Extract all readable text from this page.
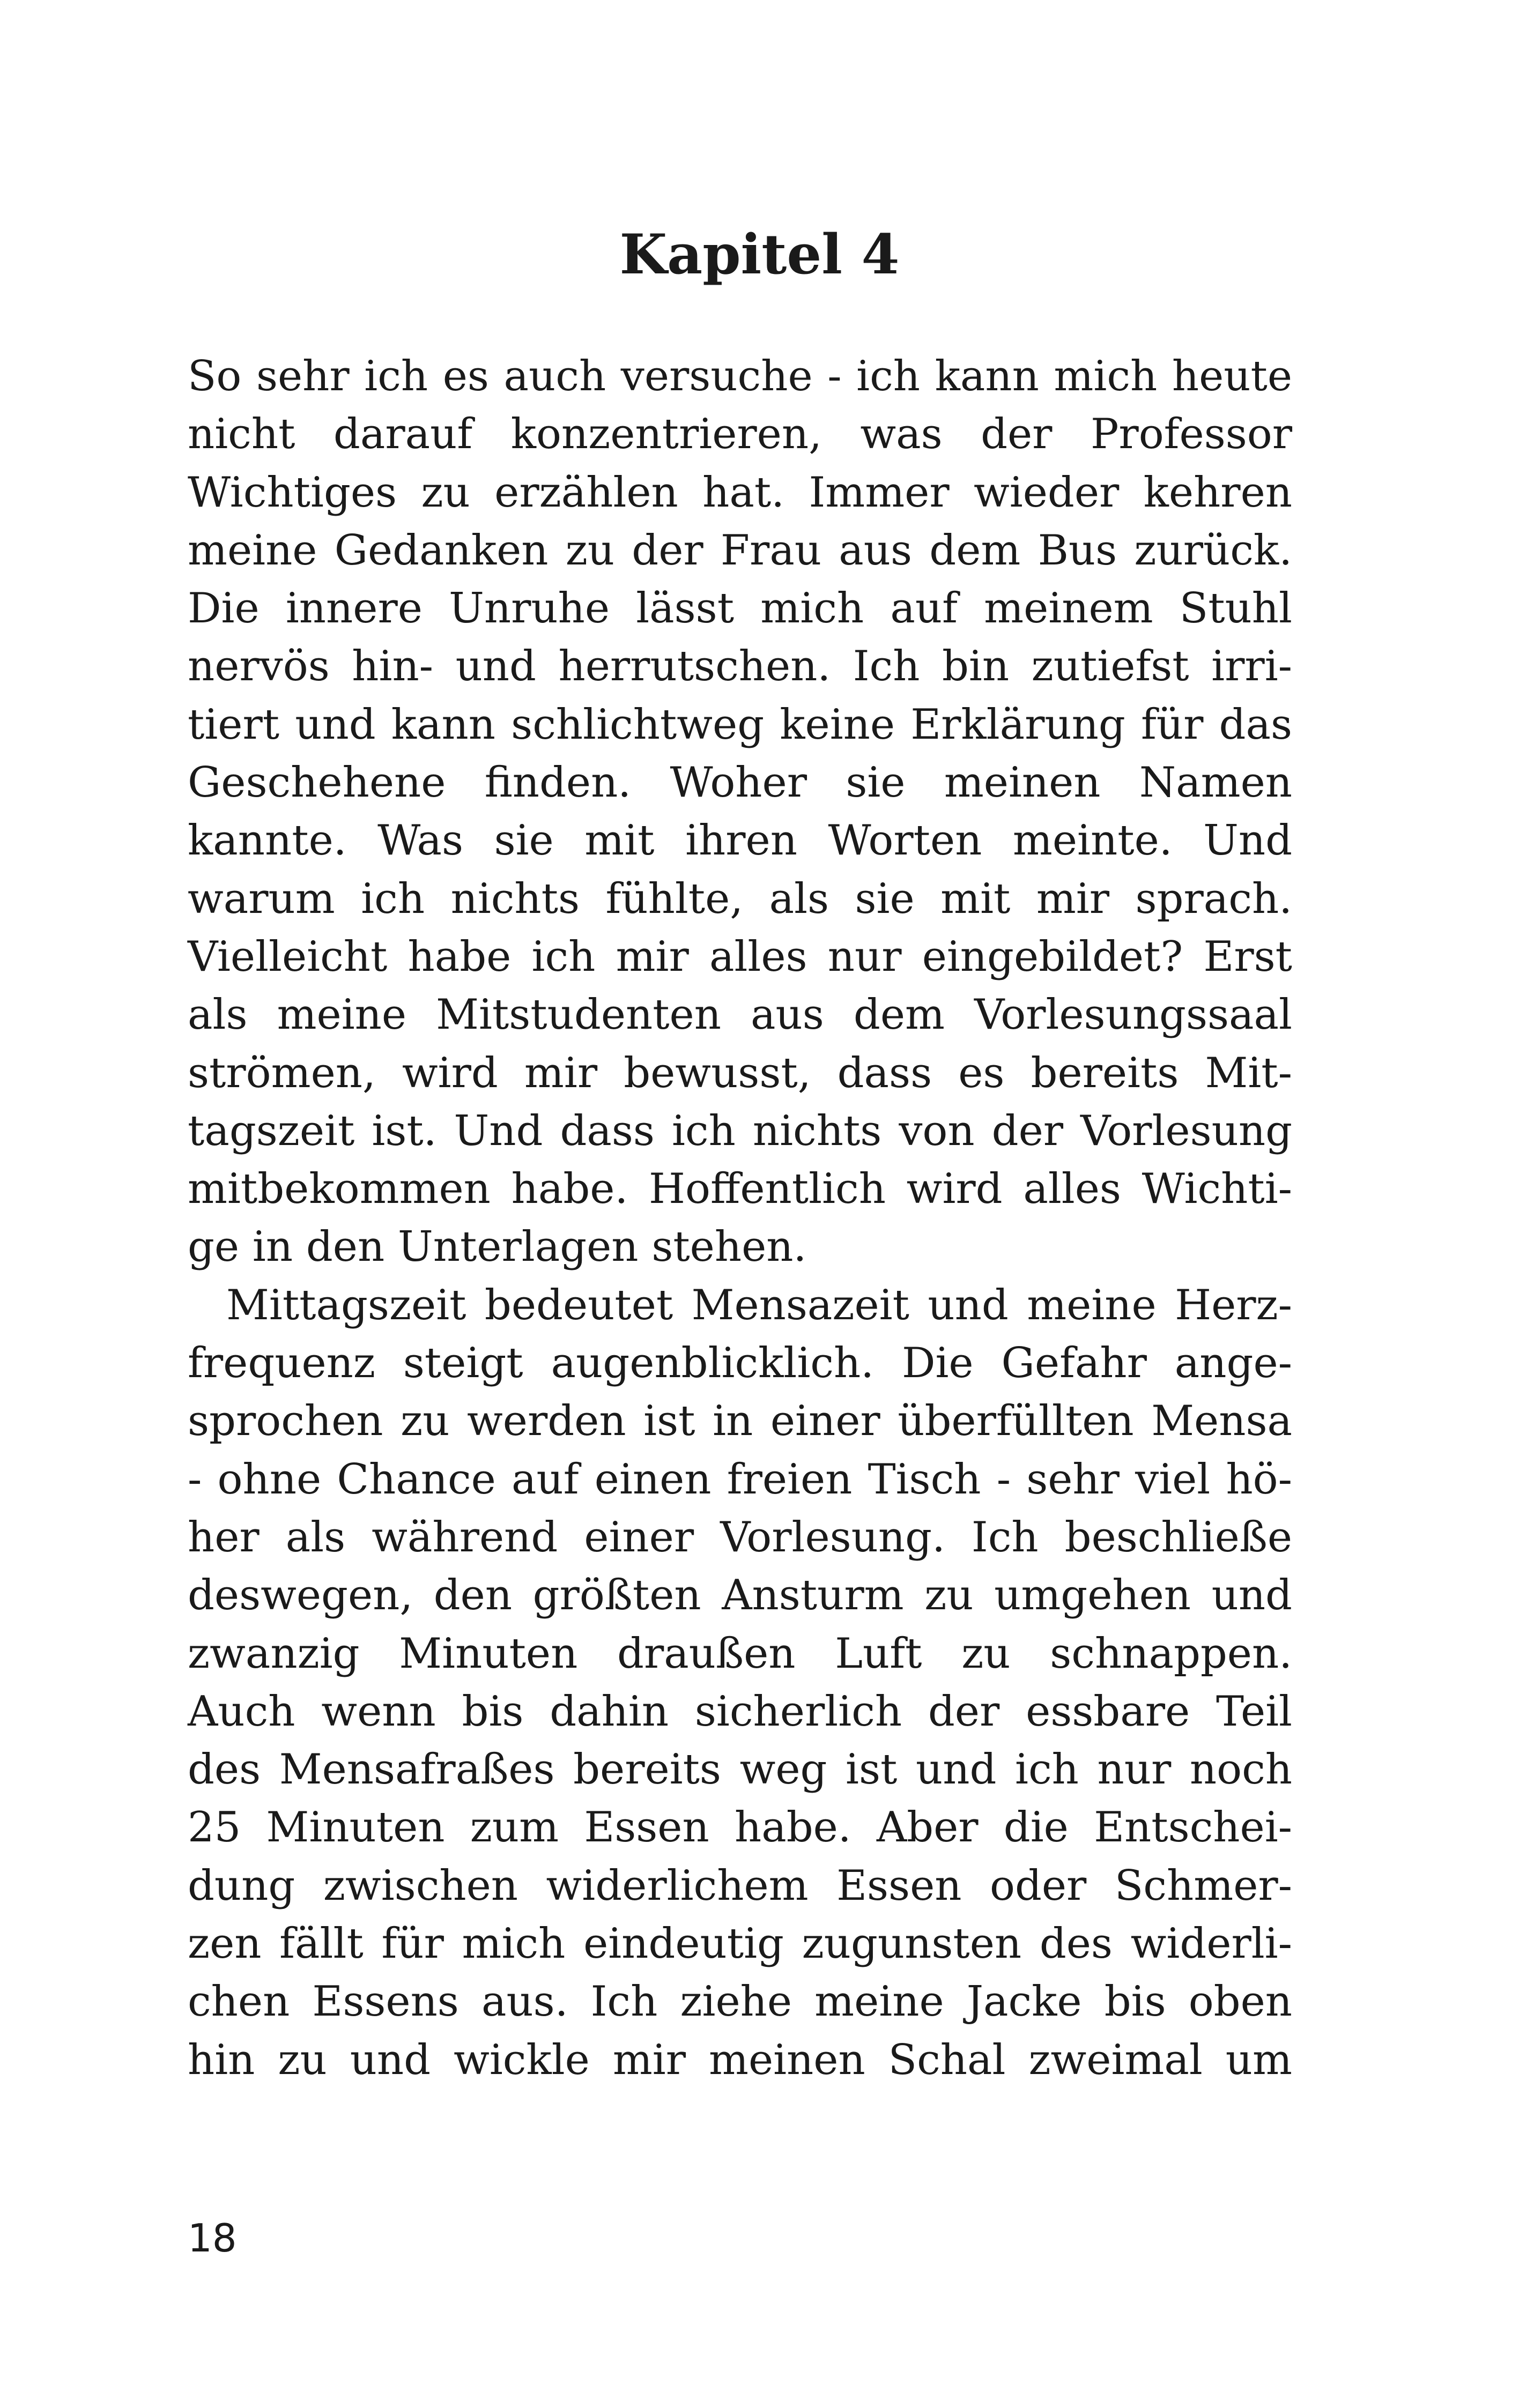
Kapitel 4
So sehr ich es auch versuche - ich kann mich heute
nicht darauf konzentrieren, was der Professor
Wichtiges zu erzählen hat. Immer wieder kehren
meine Gedanken zu der Frau aus dem Bus zurück.
Die innere Unruhe lässt mich auf meinem Stuhl
nervös hin- und herrutschen. Ich bin zutiefst irri-
tiert und kann schlichtweg keine Erklärung für das
Geschehene finden. Woher sie meinen Namen
kannte. Was sie mit ihren Worten meinte. Und
warum ich nichts fühlte, als sie mit mir sprach.
Vielleicht habe ich mir alles nur eingebildet? Erst
als meine Mitstudenten aus dem Vorlesungssaal
strömen, wird mir bewusst, dass es bereits Mit-
tagszeit ist. Und dass ich nichts von der Vorlesung
mitbekommen habe. Hoffentlich wird alles Wichti-
ge in den Unterlagen stehen.
Mittagszeit bedeutet Mensazeit und meine Herz-
frequenz steigt augenblicklich. Die Gefahr ange-
sprochen zu werden ist in einer überfüllten Mensa
- ohne Chance auf einen freien Tisch - sehr viel hö-
her als während einer Vorlesung. Ich beschließe
deswegen, den größten Ansturm zu umgehen und
zwanzig Minuten draußen Luft zu schnappen.
Auch wenn bis dahin sicherlich der essbare Teil
des Mensafraßes bereits weg ist und ich nur noch
25 Minuten zum Essen habe. Aber die Entschei-
dung zwischen widerlichem Essen oder Schmer-
zen fällt für mich eindeutig zugunsten des widerli-
chen Essens aus. Ich ziehe meine Jacke bis oben
hin zu und wickle mir meinen Schal zweimal um
18
